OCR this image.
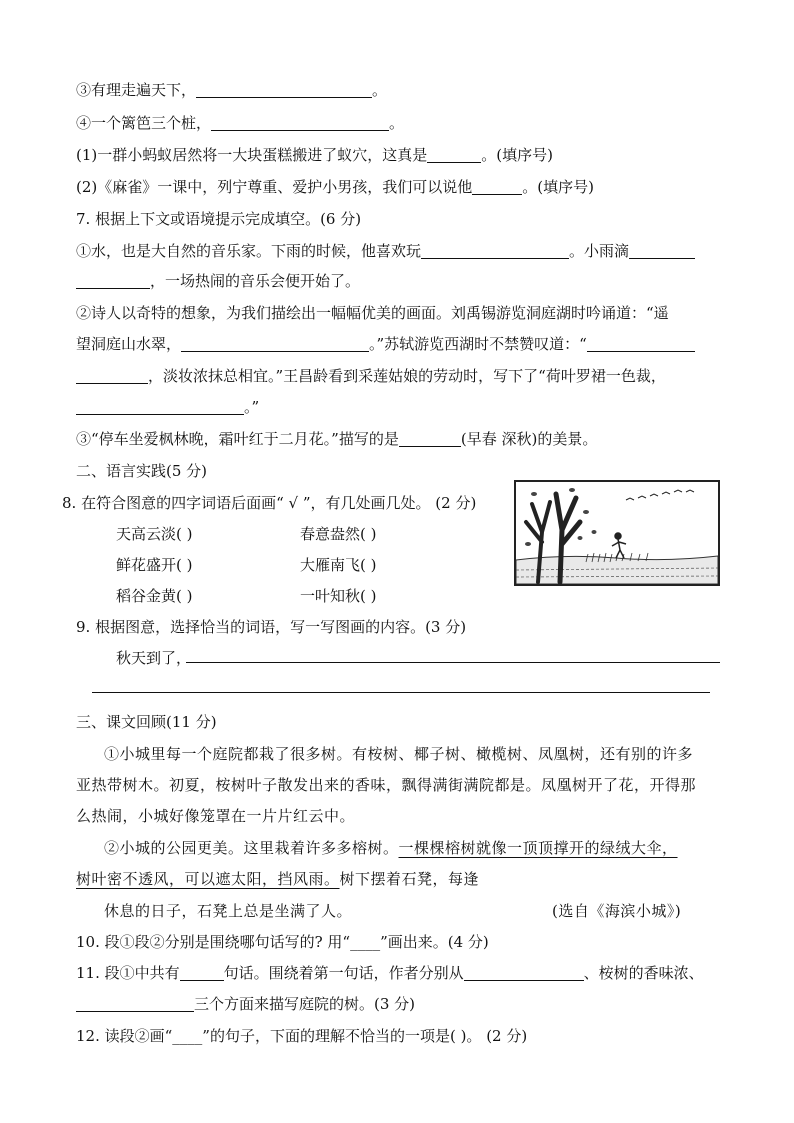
③有理走遍天下，	。
④一个篱笆三个桩，	。
(1)一群小蚂蚁居然将一大块蛋糕搬进了蚁穴，这真是	。(填序号)
(2)《麻雀》一课中，列宁尊重、爱护小男孩，我们可以说他	。(填序号)
7. 根据上下文或语境提示完成填空。(6 分)
①水，也是大自然的音乐家。下雨的时候，他喜欢玩	。小雨滴
，一场热闹的音乐会便开始了。
②诗人以奇特的想象，为我们描绘出一幅幅优美的画面。刘禹锡游览洞庭湖时吟诵道：“遥
望洞庭山水翠，	。”苏轼游览西湖时不禁赞叹道：“
，淡妆浓抹总相宜。”王昌龄看到采莲姑娘的劳动时，写下了“荷叶罗裙一色裁，
。”
③“停车坐爱枫林晚，霜叶红于二月花。”描写的是	(早春 深秋)的美景。
二、语言实践(5 分)
8. 在符合图意的四字词语后面画“ √ ”，有几处画几处。 (2 分)
天高云淡( )	春意盎然( )
鲜花盛开( )	大雁南飞( )
稻谷金黄( )	一叶知秋( )
9. 根据图意，选择恰当的词语，写一写图画的内容。(3 分)
秋天到了，
三、课文回顾(11 分)
①小城里每一个庭院都栽了很多树。有桉树、椰子树、橄榄树、凤凰树，还有别的许多
亚热带树木。初夏，桉树叶子散发出来的香味，飘得满街满院都是。凤凰树开了花，开得那
么热闹，小城好像笼罩在一片片红云中。
②小城的公园更美。这里栽着许多多榕树。一棵棵榕树就像一顶顶撑开的绿绒大伞，
树叶密不透风，可以遮太阳，挡风雨。树下摆着石凳，每逢
休息的日子，石凳上总是坐满了人。	(选自《海滨小城》)
10. 段①段②分别是围绕哪句话写的? 用“____”画出来。(4 分)
11. 段①中共有	句话。围绕着第一句话，作者分别从	、桉树的香味浓、
三个方面来描写庭院的树。(3 分)
12. 读段②画“____”的句子，下面的理解不恰当的一项是( )。 (2 分)
